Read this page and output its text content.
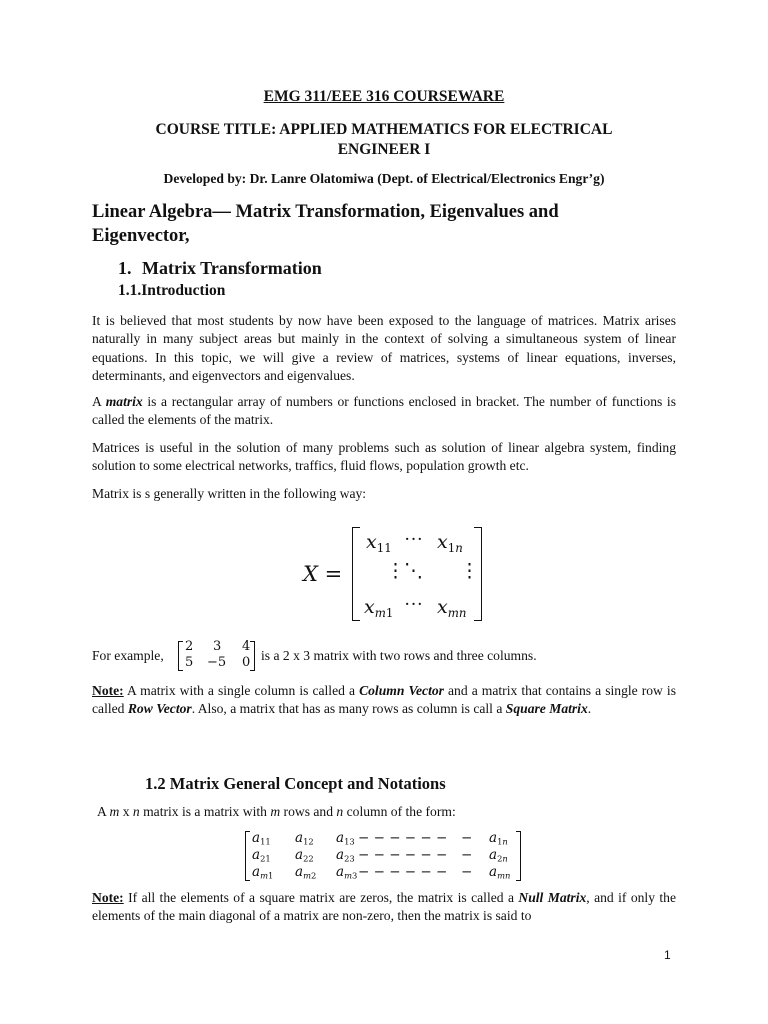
EMG 311/EEE 316 COURSEWARE
COURSE TITLE: APPLIED MATHEMATICS FOR ELECTRICAL
ENGINEER I
Developed by: Dr. Lanre Olatomiwa (Dept. of Electrical/Electronics Engr’g)
Linear Algebra— Matrix Transformation, Eigenvalues and
Eigenvector,
1. Matrix Transformation
1.1.Introduction
It is believed that most students by now have been exposed to the language of matrices. Matrix arises naturally in many subject areas but mainly in the context of solving a simultaneous system of linear equations. In this topic, we will give a review of matrices, systems of linear equations, inverses, determinants, and eigenvectors and eigenvalues.
A matrix is a rectangular array of numbers or functions enclosed in bracket. The number of functions is called the elements of the matrix.
Matrices is useful in the solution of many problems such as solution of linear algebra system, finding solution to some electrical networks, traffics, fluid flows, population growth etc.
Matrix is s generally written in the following way:
X =
$x_{11}$ ··· $x_{1n}$
⋮ ⋱ ⋮
$x_{m1}$ ··· $x_{mn}$
For example,
2 3 4
5 −5 0 is a 2 x 3 matrix with two rows and three columns.
Note: A matrix with a single column is called a Column Vector and a matrix that contains a single row is called Row Vector. Also, a matrix that has as many rows as column is call a Square Matrix.
1.2 Matrix General Concept and Notations
A m x n matrix is a matrix with m rows and n column of the form:
$a_{11}$ $a_{12}$ $a_{13}$ − − − − − − − $a_{1n}$
$a_{21}$ $a_{22}$ $a_{23}$ − − − − − − − $a_{2n}$
$a_{m1}$ $a_{m2}$ $a_{m3}$ − − − − − − − $a_{mn}$
Note: If all the elements of a square matrix are zeros, the matrix is called a Null Matrix, and if only the elements of the main diagonal of a matrix are non-zero, then the matrix is said to
1
